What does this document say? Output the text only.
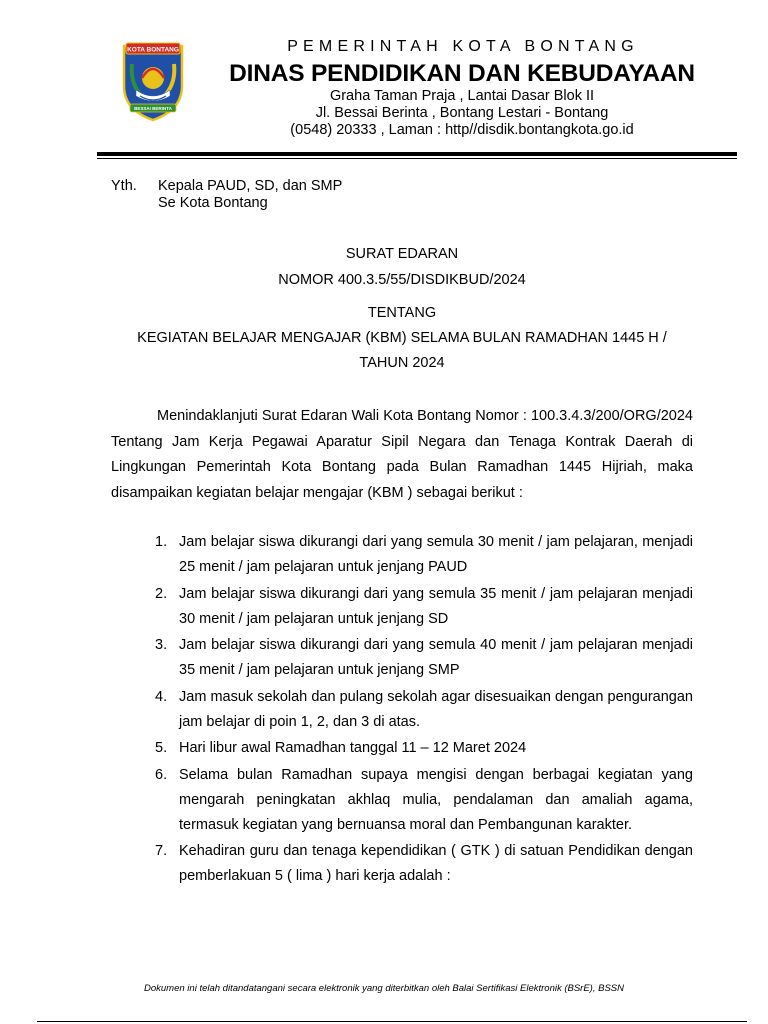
KOTA BONTANG
BESSAI BERINTA
PEMERINTAH KOTA BONTANG
DINAS PENDIDIKAN DAN KEBUDAYAAN
Graha Taman Praja , Lantai Dasar Blok II
Jl. Bessai Berinta , Bontang Lestari - Bontang
(0548) 20333 , Laman : http//disdik.bontangkota.go.id
Yth. Kepala PAUD, SD, dan SMP
Se Kota Bontang
SURAT EDARAN
NOMOR 400.3.5/55/DISDIKBUD/2024
TENTANG
KEGIATAN BELAJAR MENGAJAR (KBM) SELAMA BULAN RAMADHAN 1445 H /
TAHUN 2024
Menindaklanjuti Surat Edaran Wali Kota Bontang Nomor : 100.3.4.3/200/ORG/2024 Tentang Jam Kerja Pegawai Aparatur Sipil Negara dan Tenaga Kontrak Daerah di Lingkungan Pemerintah Kota Bontang pada Bulan Ramadhan 1445 Hijriah, maka disampaikan kegiatan belajar mengajar (KBM ) sebagai berikut :
1. Jam belajar siswa dikurangi dari yang semula 30 menit / jam pelajaran, menjadi 25 menit / jam pelajaran untuk jenjang PAUD
2. Jam belajar siswa dikurangi dari yang semula 35 menit / jam pelajaran menjadi 30 menit / jam pelajaran untuk jenjang SD
3. Jam belajar siswa dikurangi dari yang semula 40 menit / jam pelajaran menjadi 35 menit / jam pelajaran untuk jenjang SMP
4. Jam masuk sekolah dan pulang sekolah agar disesuaikan dengan pengurangan jam belajar di poin 1, 2, dan 3 di atas.
5. Hari libur awal Ramadhan tanggal 11 – 12 Maret 2024
6. Selama bulan Ramadhan supaya mengisi dengan berbagai kegiatan yang mengarah peningkatan akhlaq mulia, pendalaman dan amaliah agama, termasuk kegiatan yang bernuansa moral dan Pembangunan karakter.
7. Kehadiran guru dan tenaga kependidikan ( GTK ) di satuan Pendidikan dengan pemberlakuan 5 ( lima ) hari kerja adalah :
Dokumen ini telah ditandatangani secara elektronik yang diterbitkan oleh Balai Sertifikasi Elektronik (BSrE), BSSN
